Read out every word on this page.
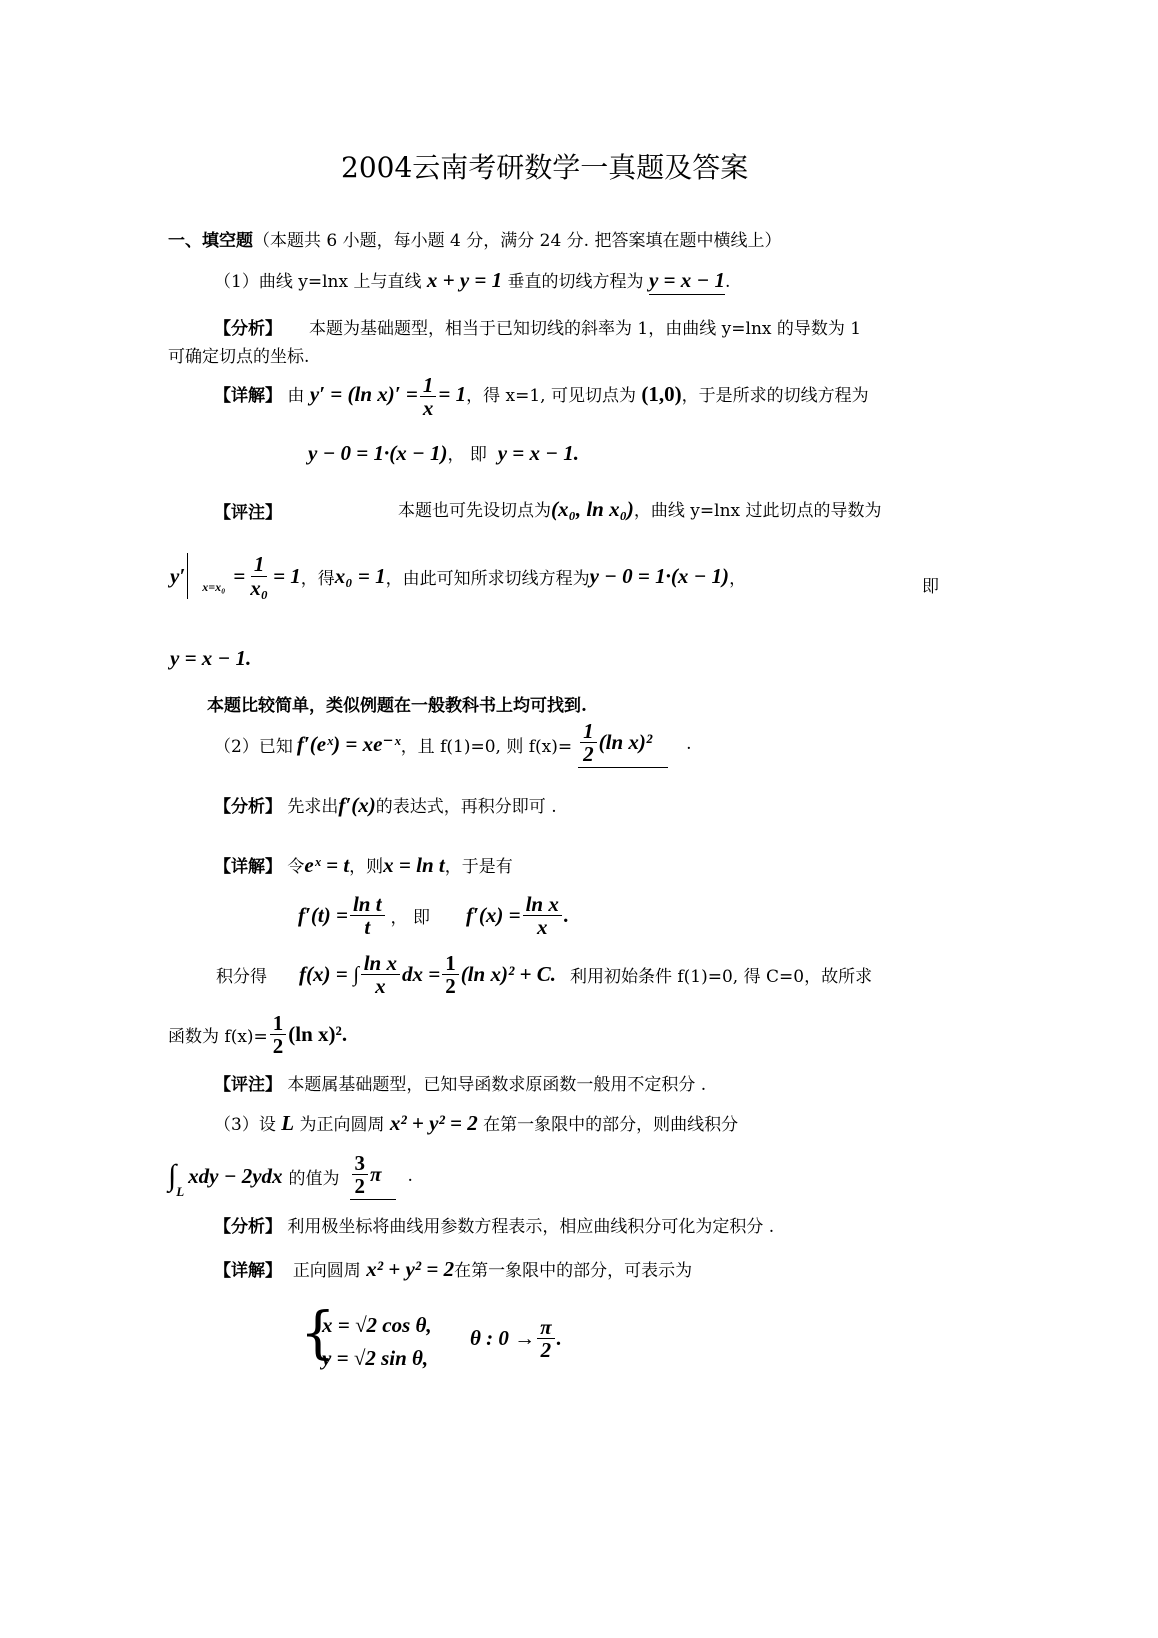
2004云南考研数学一真题及答案
一、填空题（本题共 6 小题，每小题 4 分，满分 24 分. 把答案填在题中横线上）
（1）曲线 y=lnx 上与直线 x + y = 1 垂直的切线方程为 y = x − 1.
【分析】 本题为基础题型，相当于已知切线的斜率为 1，由曲线 y=lnx 的导数为 1
可确定切点的坐标.
【详解】 由 y′ = (ln $x)' = \frac{1}{x} = 1$，得 x=1, 可见切点为 (1,0)，于是所求的切线方程为
y − 0 = 1·(x − 1)， 即 y = x − 1.
【评注】	本题也可先设切点为(x₀, ln x₀)，曲线 y=lnx 过此切点的导数为
y′ $x=x_0 = \frac{1}{\text{x₀}} = 1$ ，得 x₀ = 1 ，由此可知所求切线方程为 y − 0 = 1·(x − 1) ，	即
y = x − 1.
本题比较简单，类似例题在一般教科书上均可找到.
（2） 已知 f′(eˣ) = xe⁻ˣ ，且 f(1)=0, 则 $f(x)= \frac{1}{2} (\ln$ x)² .
【分析】 先求出f′(x)的表达式，再积分即可 .
【详解】 令eˣ = t，则x = ln t，于是有
$f'(t) = \frac{\text{ln t}}{t}$ ， 即 $f'(x) = \frac{\text{ln x}}{x}$ .
积分得 f(x) = ∫ $\frac{\text{ln x}}{x}$ dx = $\frac{1}{2} (\ln$ x)² + C. 利用初始条件 f(1)=0, 得 C=0，故所求
函数为 $f(x)= \frac{1}{2} (\ln$ x)².
【评注】 本题属基础题型，已知导函数求原函数一般用不定积分 .
（3）设 L 为正向圆周 x² + y² = 2 在第一象限中的部分，则曲线积分
∫ L
xdy − 2ydx 的值为 $\frac{3}{2}$ π .
【分析】 利用极坐标将曲线用参数方程表示，相应曲线积分可化为定积分 .
【详解】 正向圆周 x² + y² = 2在第一象限中的部分，可表示为
{
x = √2 cos θ,
y = √2 sin θ,
θ : $0 \to \frac{\pi}{2}$ .
